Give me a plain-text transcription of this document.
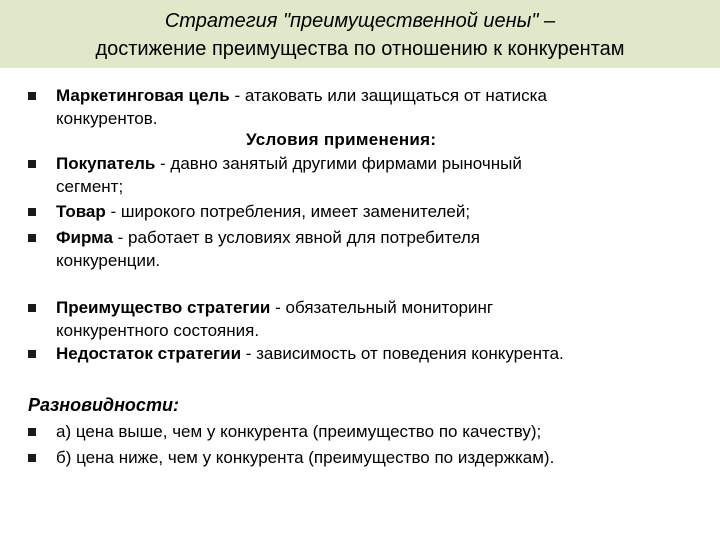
Стратегия "преимущественной иены" –
достижение преимущества по отношению к конкурентам
Маркетинговая цель - атаковать или защищаться от натиска
конкурентов.
Условия применения:
Покупатель - давно занятый другими фирмами рыночный
сегмент;
Товар - широкого потребления, имеет заменителей;
Фирма - работает в условиях явной для потребителя
конкуренции.
Преимущество стратегии - обязательный мониторинг
конкурентного состояния.
Недостаток стратегии - зависимость от поведения конкурента.
Разновидности:
а) цена выше, чем у конкурента (преимущество по качеству);
б) цена ниже, чем у конкурента (преимущество по издержкам).
